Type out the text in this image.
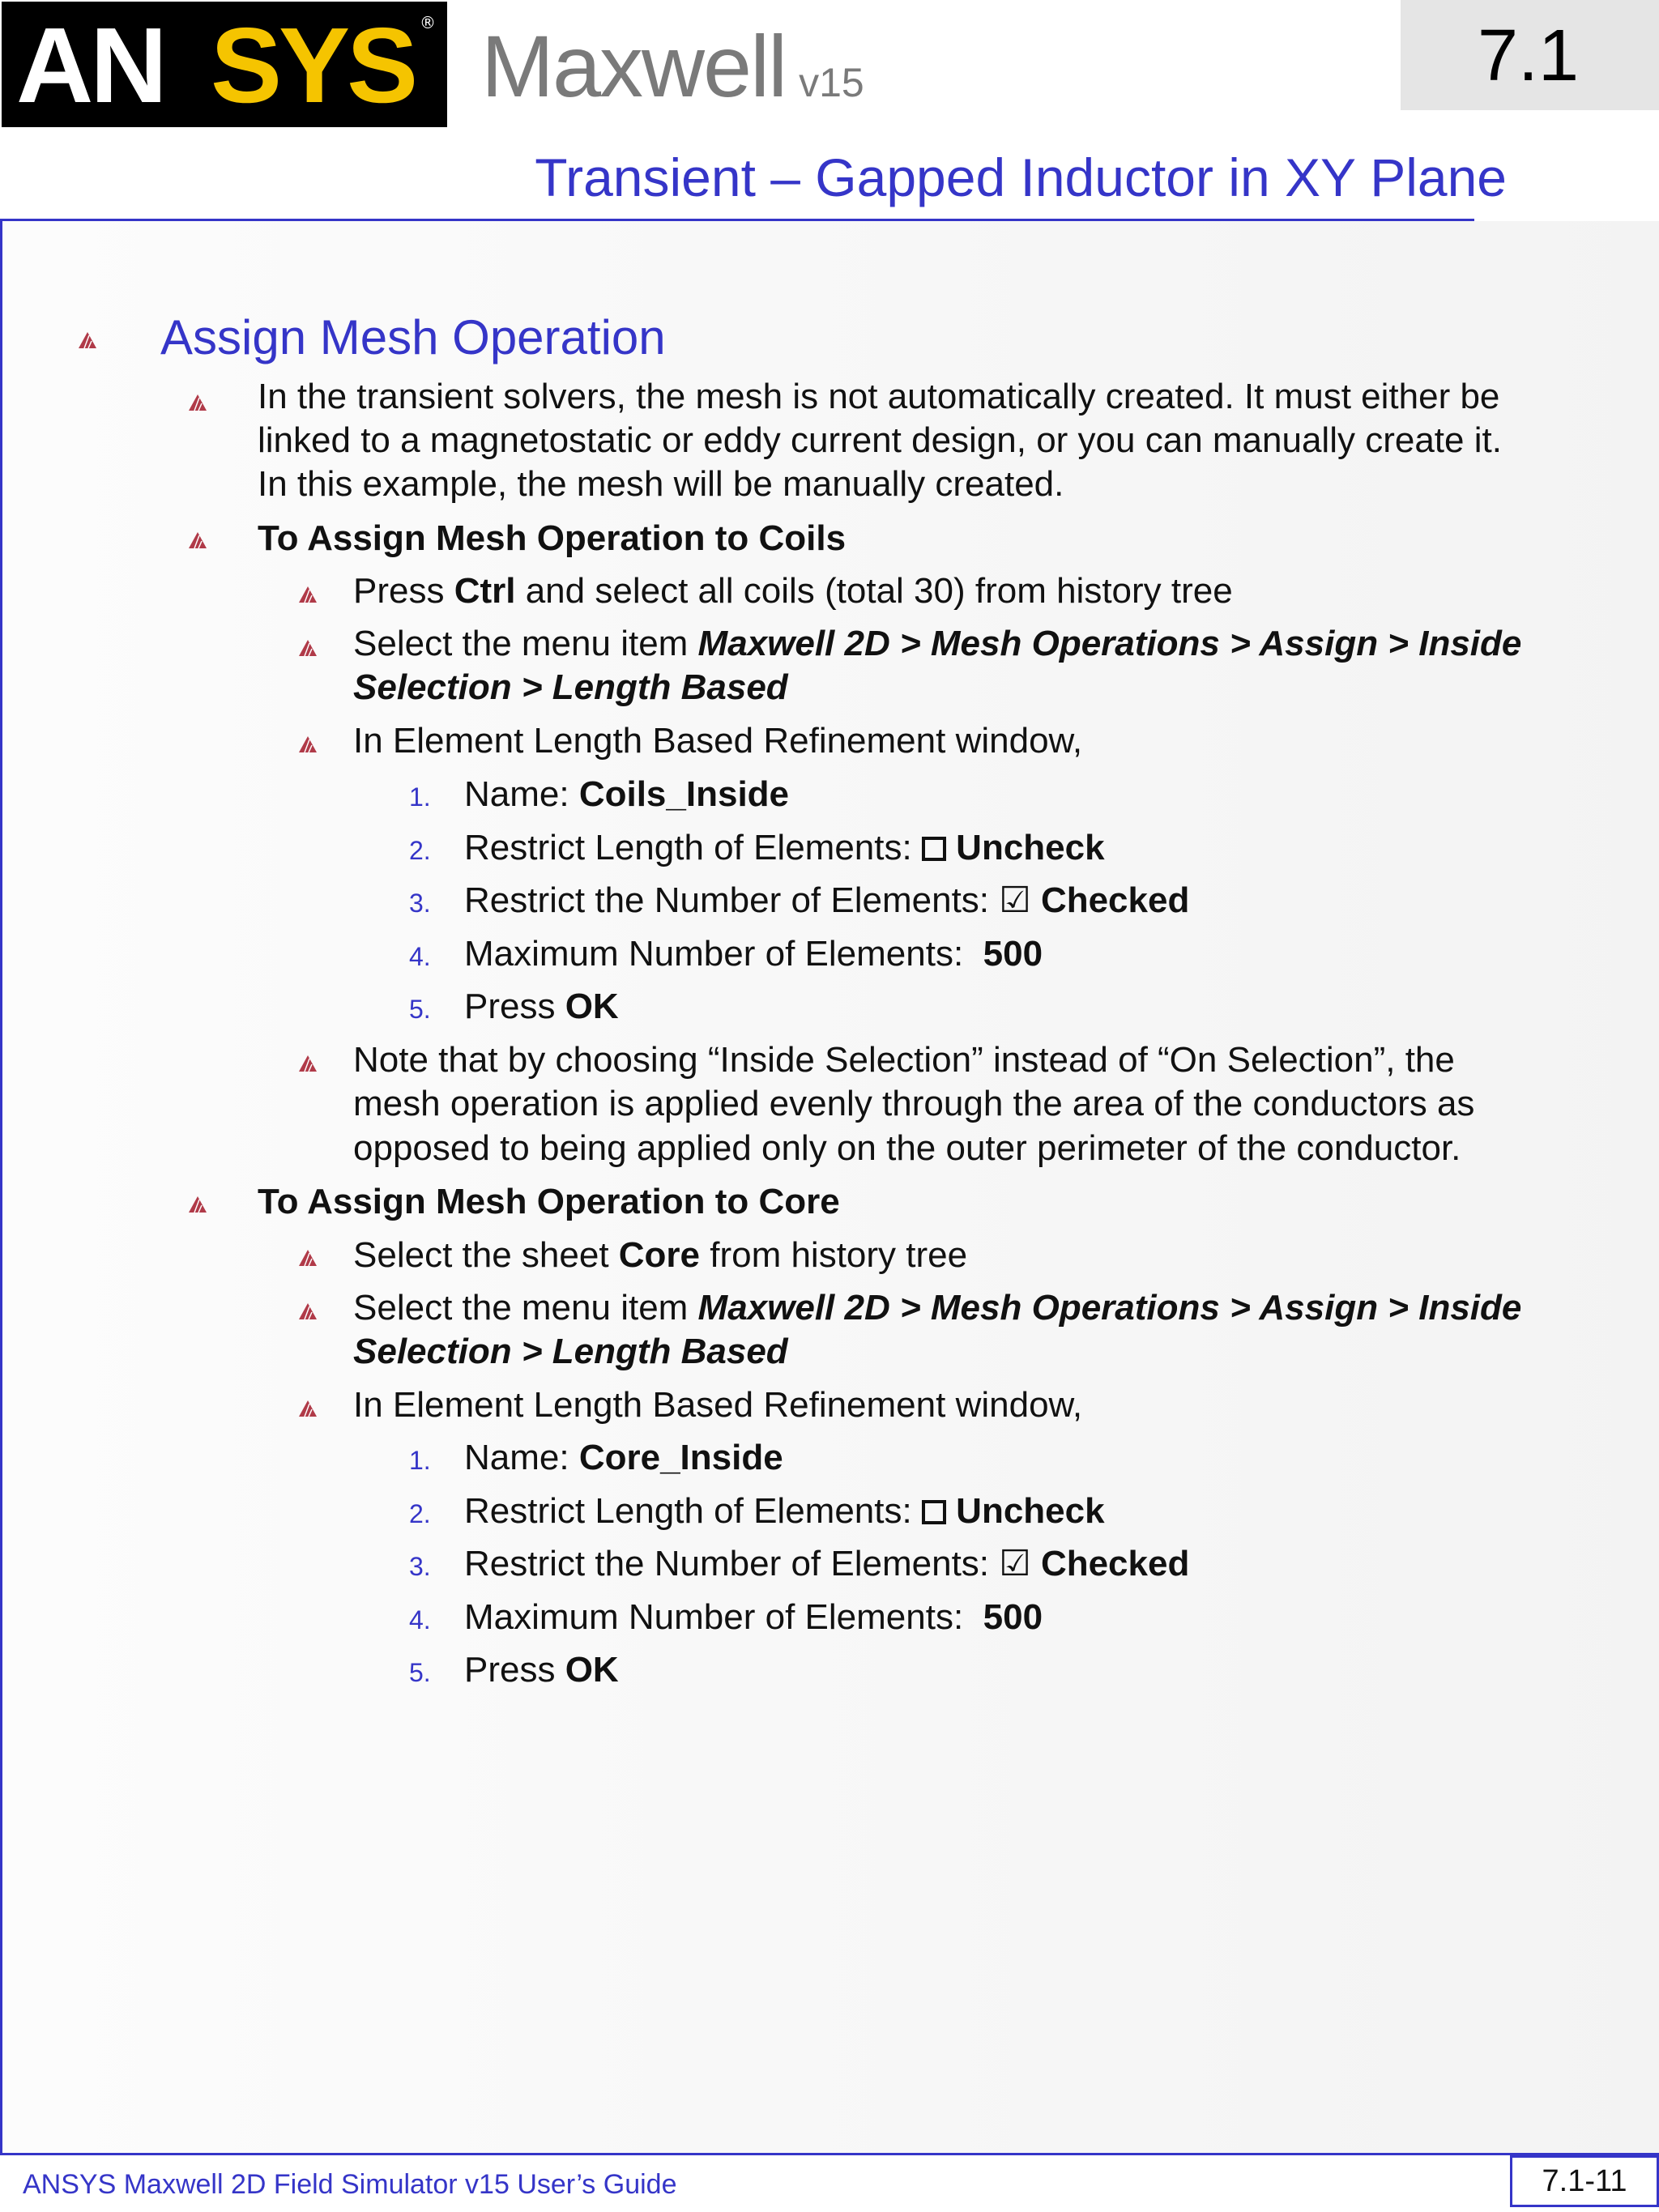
AN SYS ® Maxwell v15	7.1
Transient – Gapped Inductor in XY Plane
Assign Mesh Operation
In the transient solvers, the mesh is not automatically created. It must either be
linked to a magnetostatic or eddy current design, or you can manually create it.
In this example, the mesh will be manually created.
To Assign Mesh Operation to Coils
Press Ctrl and select all coils (total 30) from history tree
Select the menu item Maxwell 2D > Mesh Operations > Assign > Inside
Selection > Length Based
In Element Length Based Refinement window,
1. Name: Coils_Inside
2. Restrict Length of Elements:  Uncheck
3. Restrict the Number of Elements: ☑ Checked
4. Maximum Number of Elements:  500
5. Press OK
Note that by choosing “Inside Selection” instead of “On Selection”, the
mesh operation is applied evenly through the area of the conductors as
opposed to being applied only on the outer perimeter of the conductor.
To Assign Mesh Operation to Core
Select the sheet Core from history tree
Select the menu item Maxwell 2D > Mesh Operations > Assign > Inside
Selection > Length Based
In Element Length Based Refinement window,
1. Name: Core_Inside
2. Restrict Length of Elements:  Uncheck
3. Restrict the Number of Elements: ☑ Checked
4. Maximum Number of Elements:  500
5. Press OK
ANSYS Maxwell 2D Field Simulator v15 User’s Guide	7.1-11
